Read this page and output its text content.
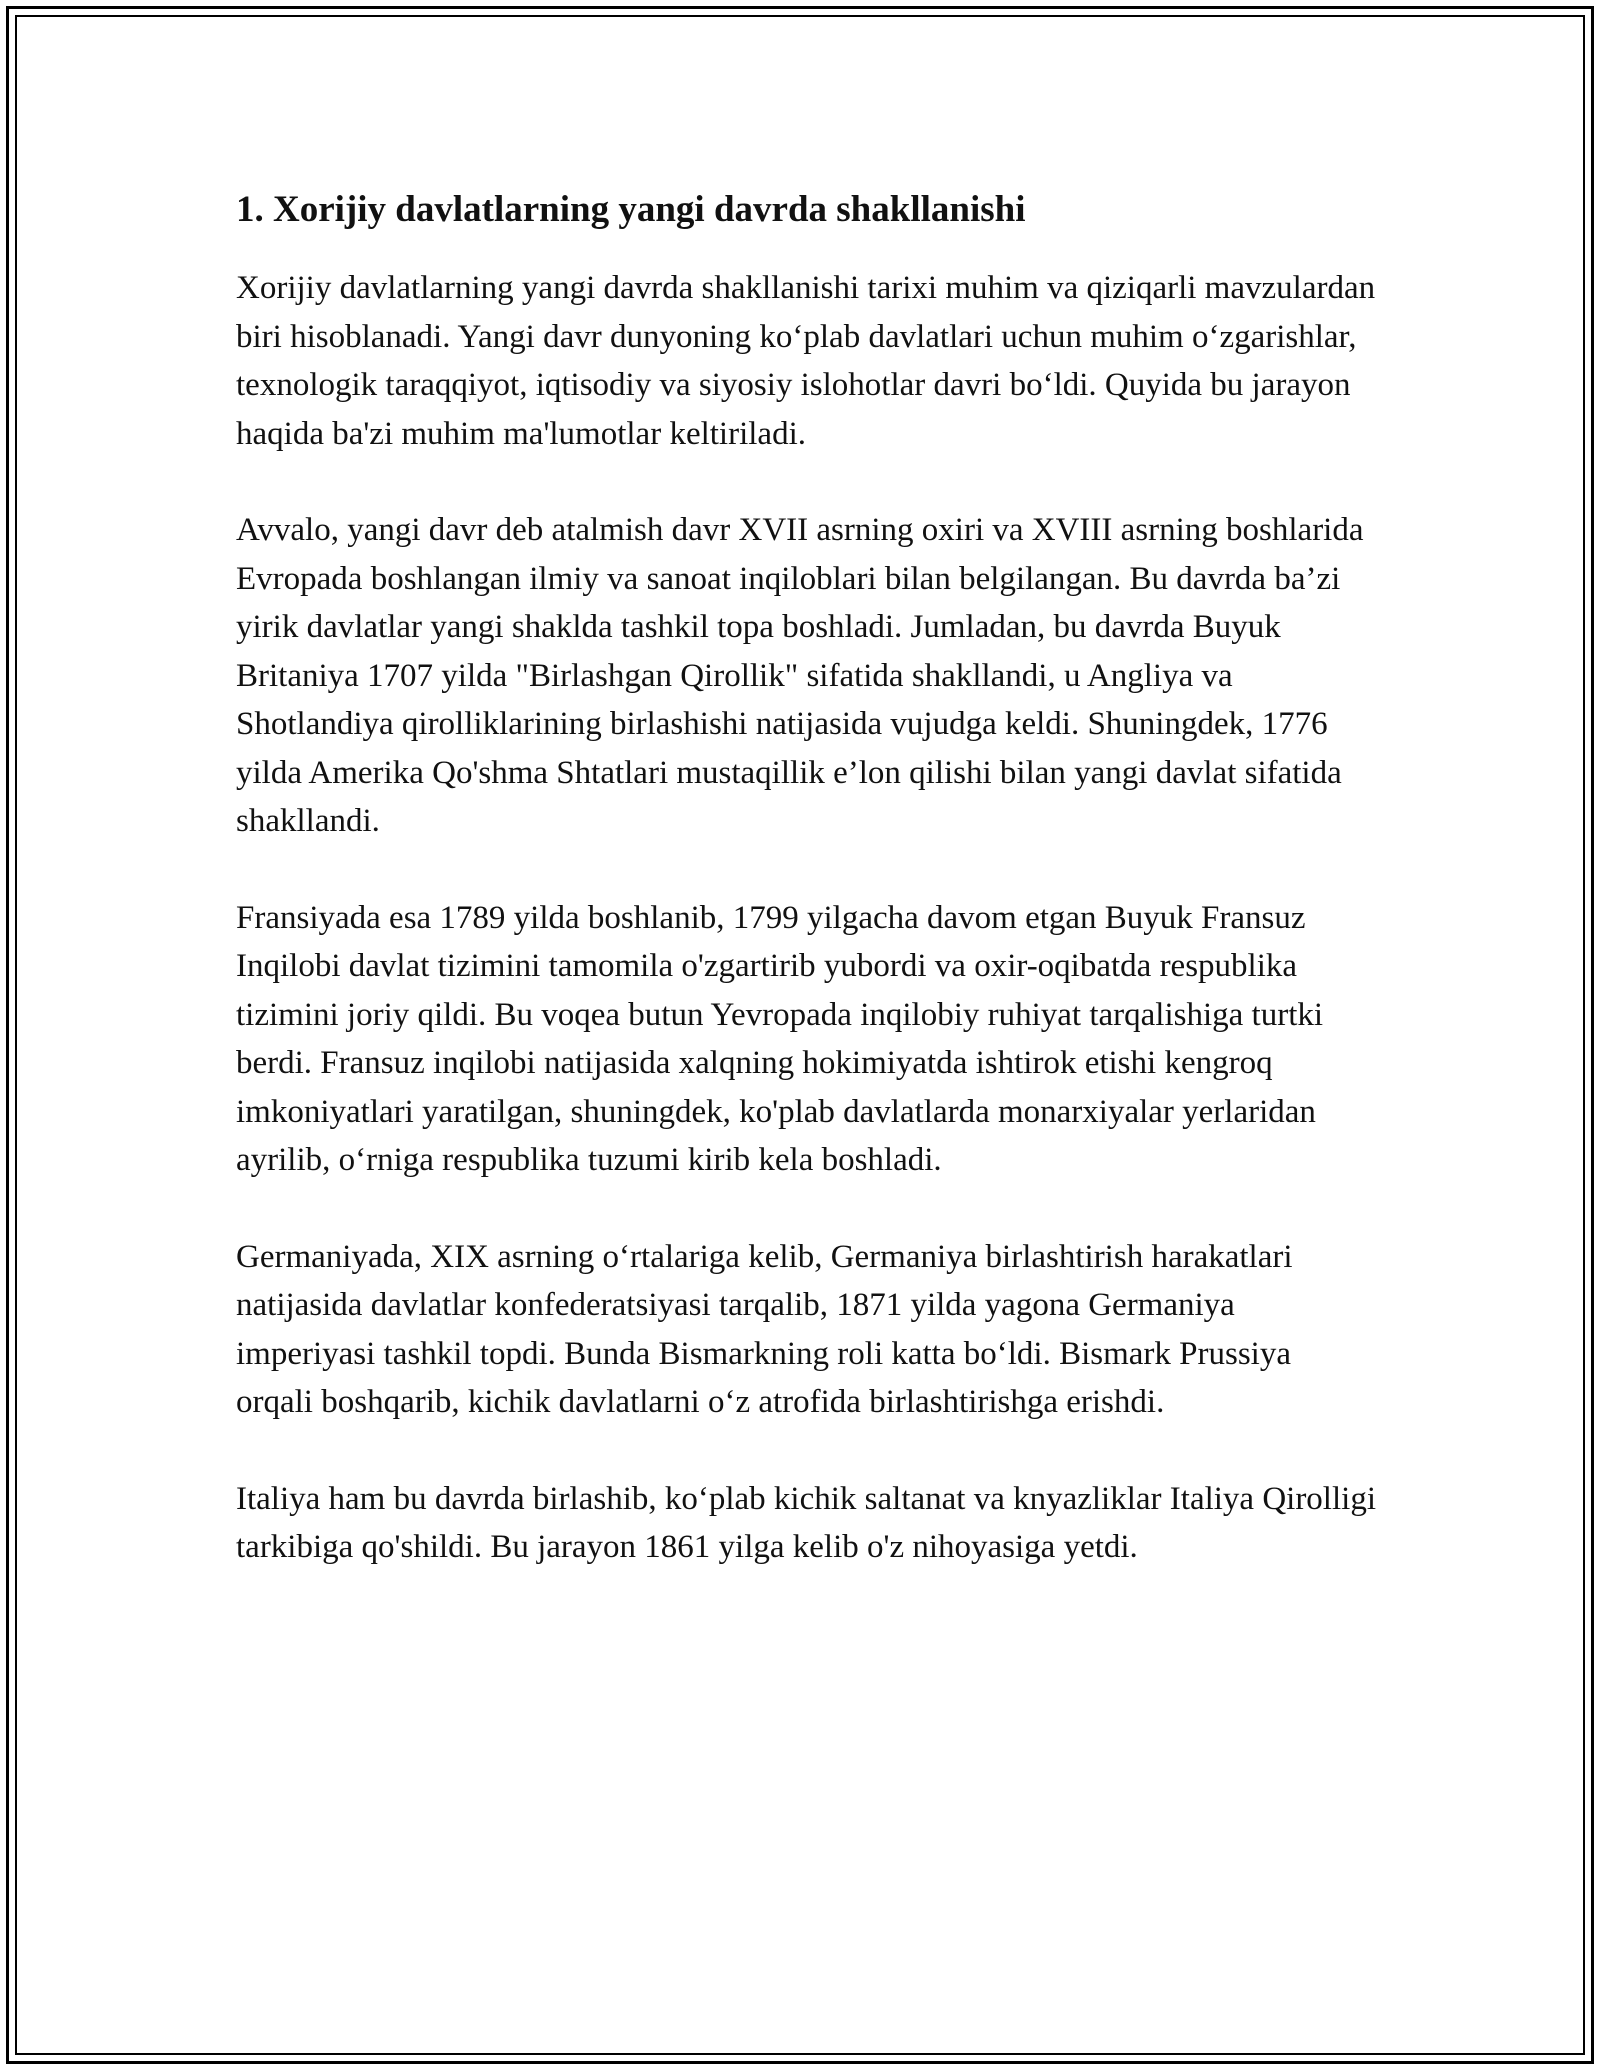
1. Xorijiy davlatlarning yangi davrda shakllanishi

Xorijiy davlatlarning yangi davrda shakllanishi tarixi muhim va qiziqarli mavzulardan biri hisoblanadi. Yangi davr dunyoning koʻplab davlatlari uchun muhim oʻzgarishlar, texnologik taraqqiyot, iqtisodiy va siyosiy islohotlar davri boʻldi. Quyida bu jarayon haqida ba'zi muhim ma'lumotlar keltiriladi.

Avvalo, yangi davr deb atalmish davr XVII asrning oxiri va XVIII asrning boshlarida Evropada boshlangan ilmiy va sanoat inqiloblari bilan belgilangan. Bu davrda ba’zi yirik davlatlar yangi shaklda tashkil topa boshladi. Jumladan, bu davrda Buyuk Britaniya 1707 yilda "Birlashgan Qirollik" sifatida shakllandi, u Angliya va Shotlandiya qirolliklarining birlashishi natijasida vujudga keldi. Shuningdek, 1776 yilda Amerika Qo'shma Shtatlari mustaqillik e’lon qilishi bilan yangi davlat sifatida shakllandi.

Fransiyada esa 1789 yilda boshlanib, 1799 yilgacha davom etgan Buyuk Fransuz Inqilobi davlat tizimini tamomila o'zgartirib yubordi va oxir-oqibatda respublika tizimini joriy qildi. Bu voqea butun Yevropada inqilobiy ruhiyat tarqalishiga turtki berdi. Fransuz inqilobi natijasida xalqning hokimiyatda ishtirok etishi kengroq imkoniyatlari yaratilgan, shuningdek, ko'plab davlatlarda monarxiyalar yerlaridan ayrilib, oʻrniga respublika tuzumi kirib kela boshladi.

Germaniyada, XIX asrning oʻrtalariga kelib, Germaniya birlashtirish harakatlari natijasida davlatlar konfederatsiyasi tarqalib, 1871 yilda yagona Germaniya imperiyasi tashkil topdi. Bunda Bismarkning roli katta boʻldi. Bismark Prussiya orqali boshqarib, kichik davlatlarni oʻz atrofida birlashtirishga erishdi.

Italiya ham bu davrda birlashib, koʻplab kichik saltanat va knyazliklar Italiya Qirolligi tarkibiga qo'shildi. Bu jarayon 1861 yilga kelib o'z nihoyasiga yetdi.
